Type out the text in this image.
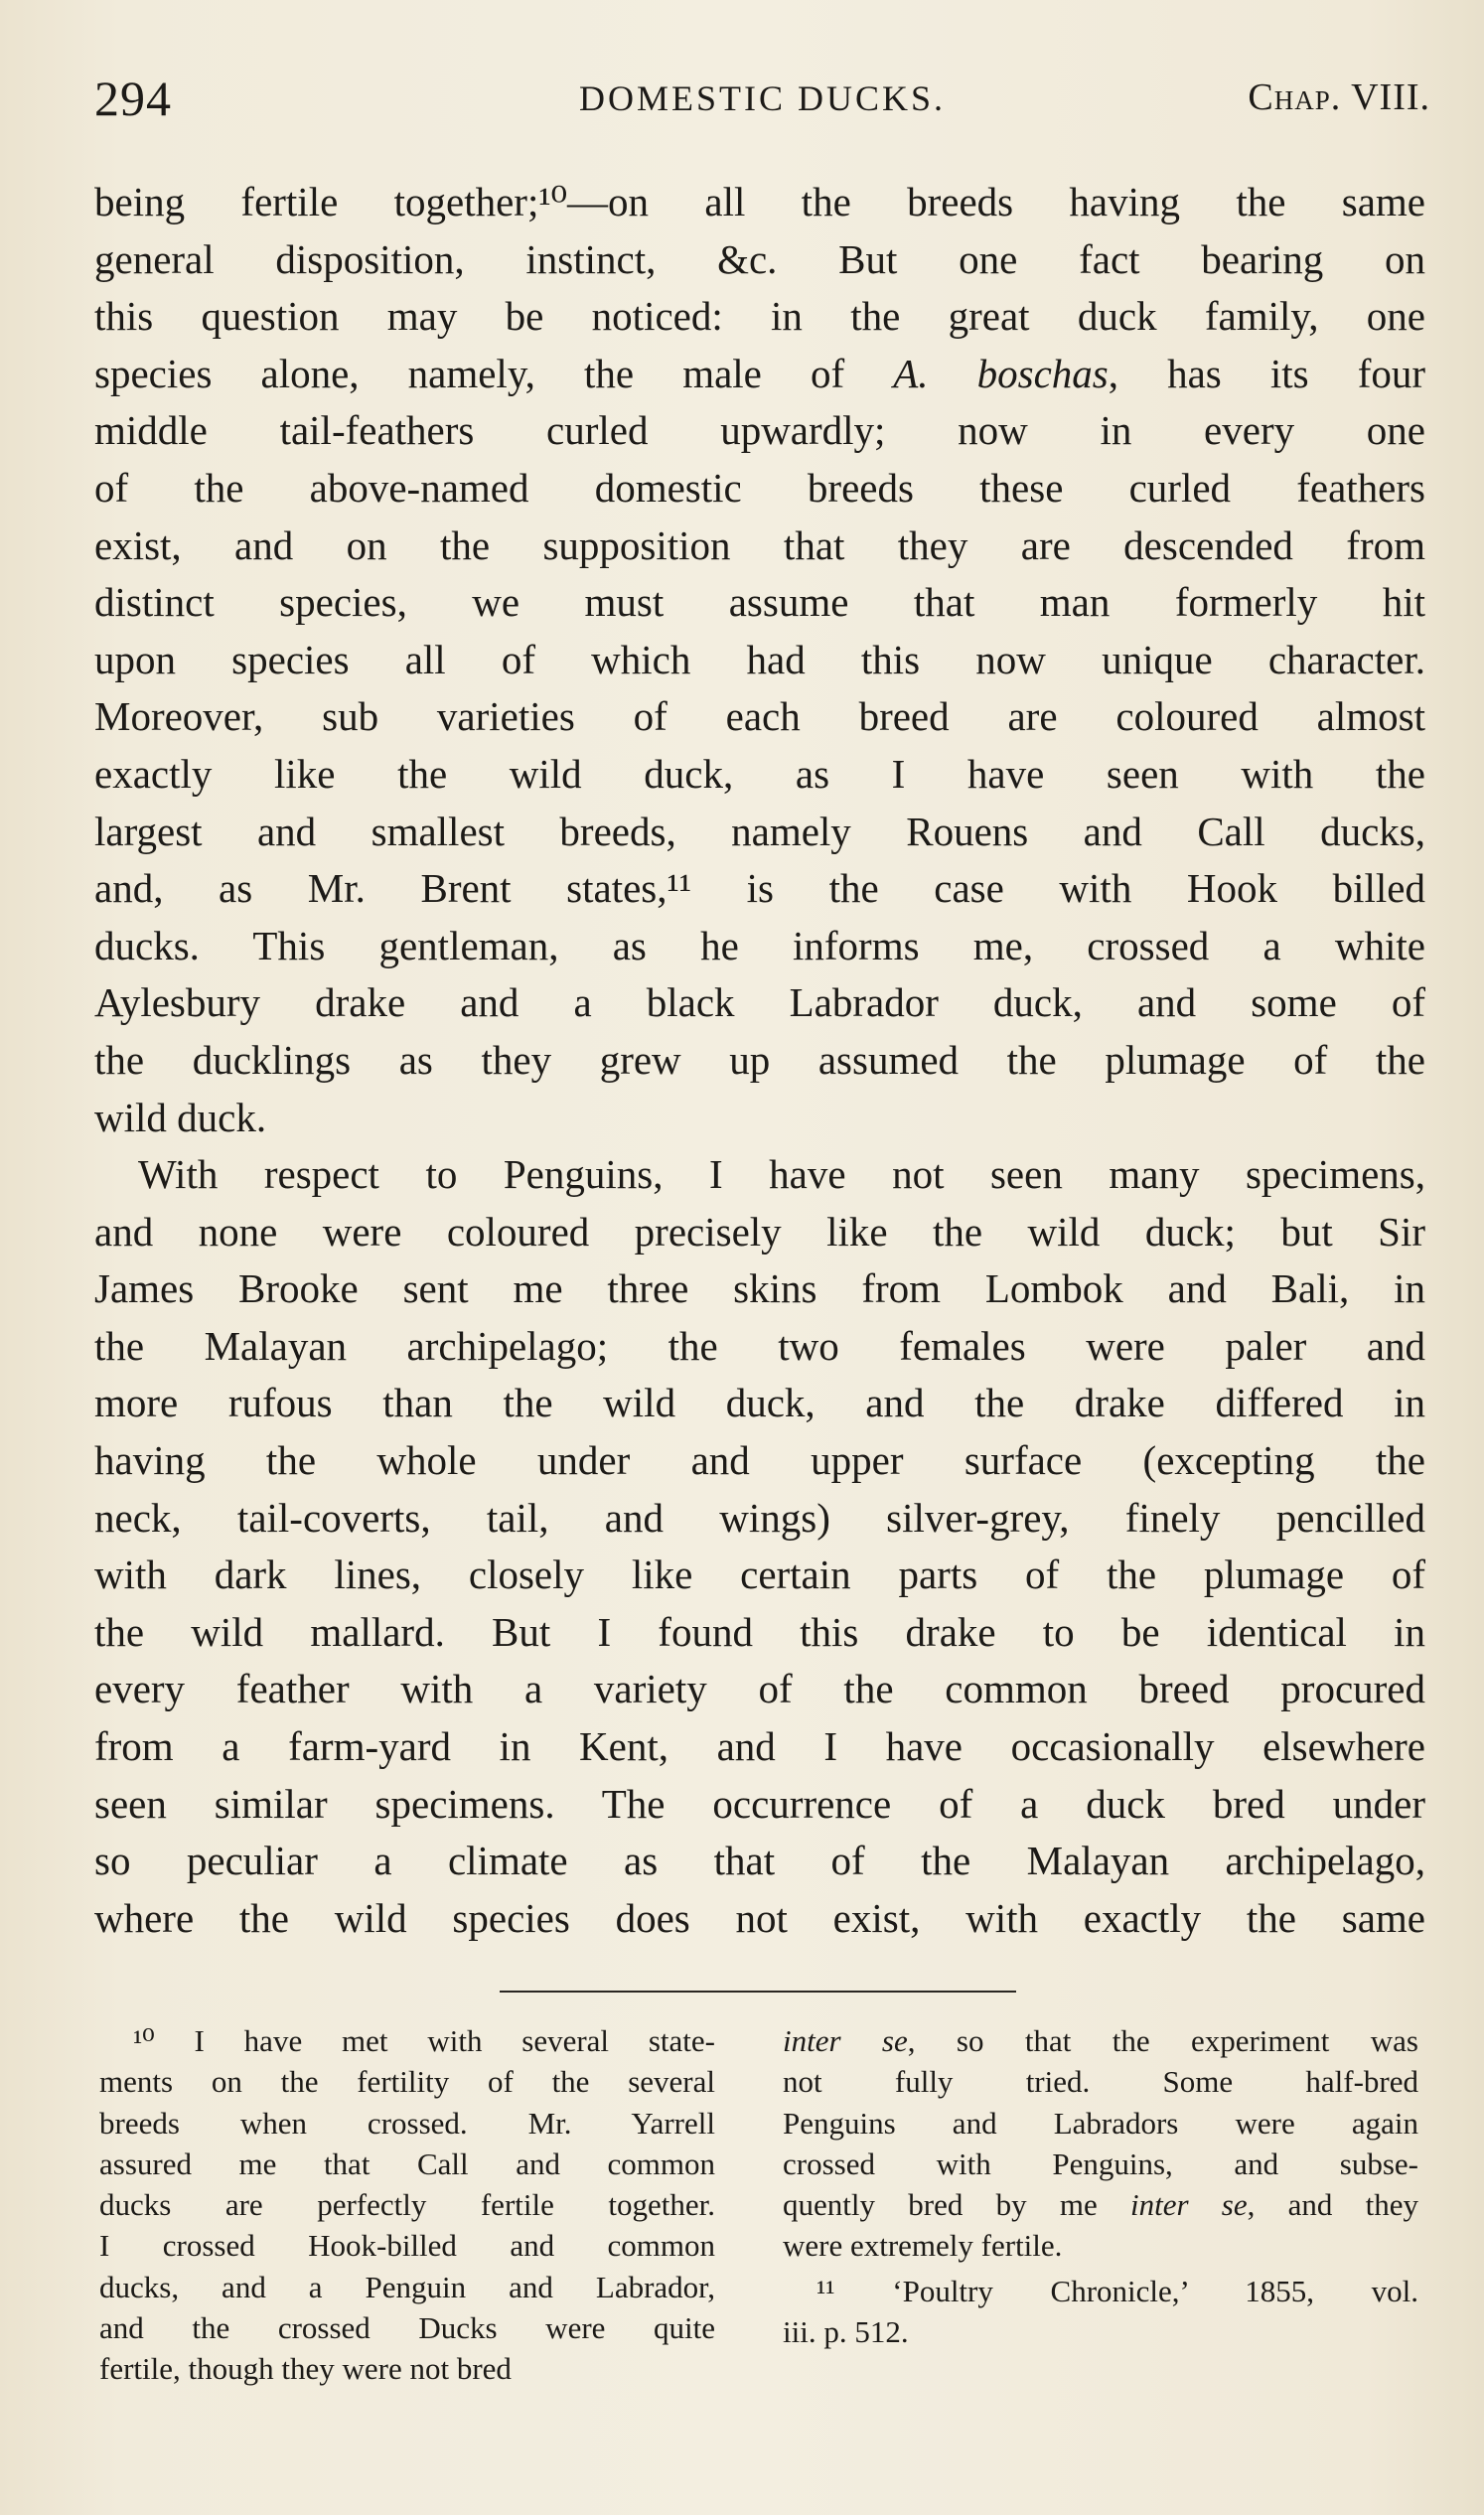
294	DOMESTIC DUCKS.	Chap. VIII.
being fertile together;¹⁰—on all the breeds having the same
general disposition, instinct, &c. But one fact bearing on
this question may be noticed: in the great duck family, one
species alone, namely, the male of A. boschas, has its four
middle tail-feathers curled upwardly; now in every one
of the above-named domestic breeds these curled feathers
exist, and on the supposition that they are descended from
distinct species, we must assume that man formerly hit
upon species all of which had this now unique character.
Moreover, sub varieties of each breed are coloured almost
exactly like the wild duck, as I have seen with the
largest and smallest breeds, namely Rouens and Call ducks,
and, as Mr. Brent states,¹¹ is the case with Hook billed
ducks. This gentleman, as he informs me, crossed a white
Aylesbury drake and a black Labrador duck, and some of
the ducklings as they grew up assumed the plumage of the
wild duck.
With respect to Penguins, I have not seen many specimens,
and none were coloured precisely like the wild duck; but Sir
James Brooke sent me three skins from Lombok and Bali, in
the Malayan archipelago; the two females were paler and
more rufous than the wild duck, and the drake differed in
having the whole under and upper surface (excepting the
neck, tail-coverts, tail, and wings) silver-grey, finely pencilled
with dark lines, closely like certain parts of the plumage of
the wild mallard. But I found this drake to be identical in
every feather with a variety of the common breed procured
from a farm-yard in Kent, and I have occasionally elsewhere
seen similar specimens. The occurrence of a duck bred under
so peculiar a climate as that of the Malayan archipelago,
where the wild species does not exist, with exactly the same
¹⁰ I have met with several state-
ments on the fertility of the several
breeds when crossed. Mr. Yarrell
assured me that Call and common
ducks are perfectly fertile together.
I crossed Hook-billed and common
ducks, and a Penguin and Labrador,
and the crossed Ducks were quite
fertile, though they were not bred
inter se, so that the experiment was
not fully tried. Some half-bred
Penguins and Labradors were again
crossed with Penguins, and subse-
quently bred by me inter se, and they
were extremely fertile.
¹¹ ‘Poultry Chronicle,’ 1855, vol.
iii. p. 512.
